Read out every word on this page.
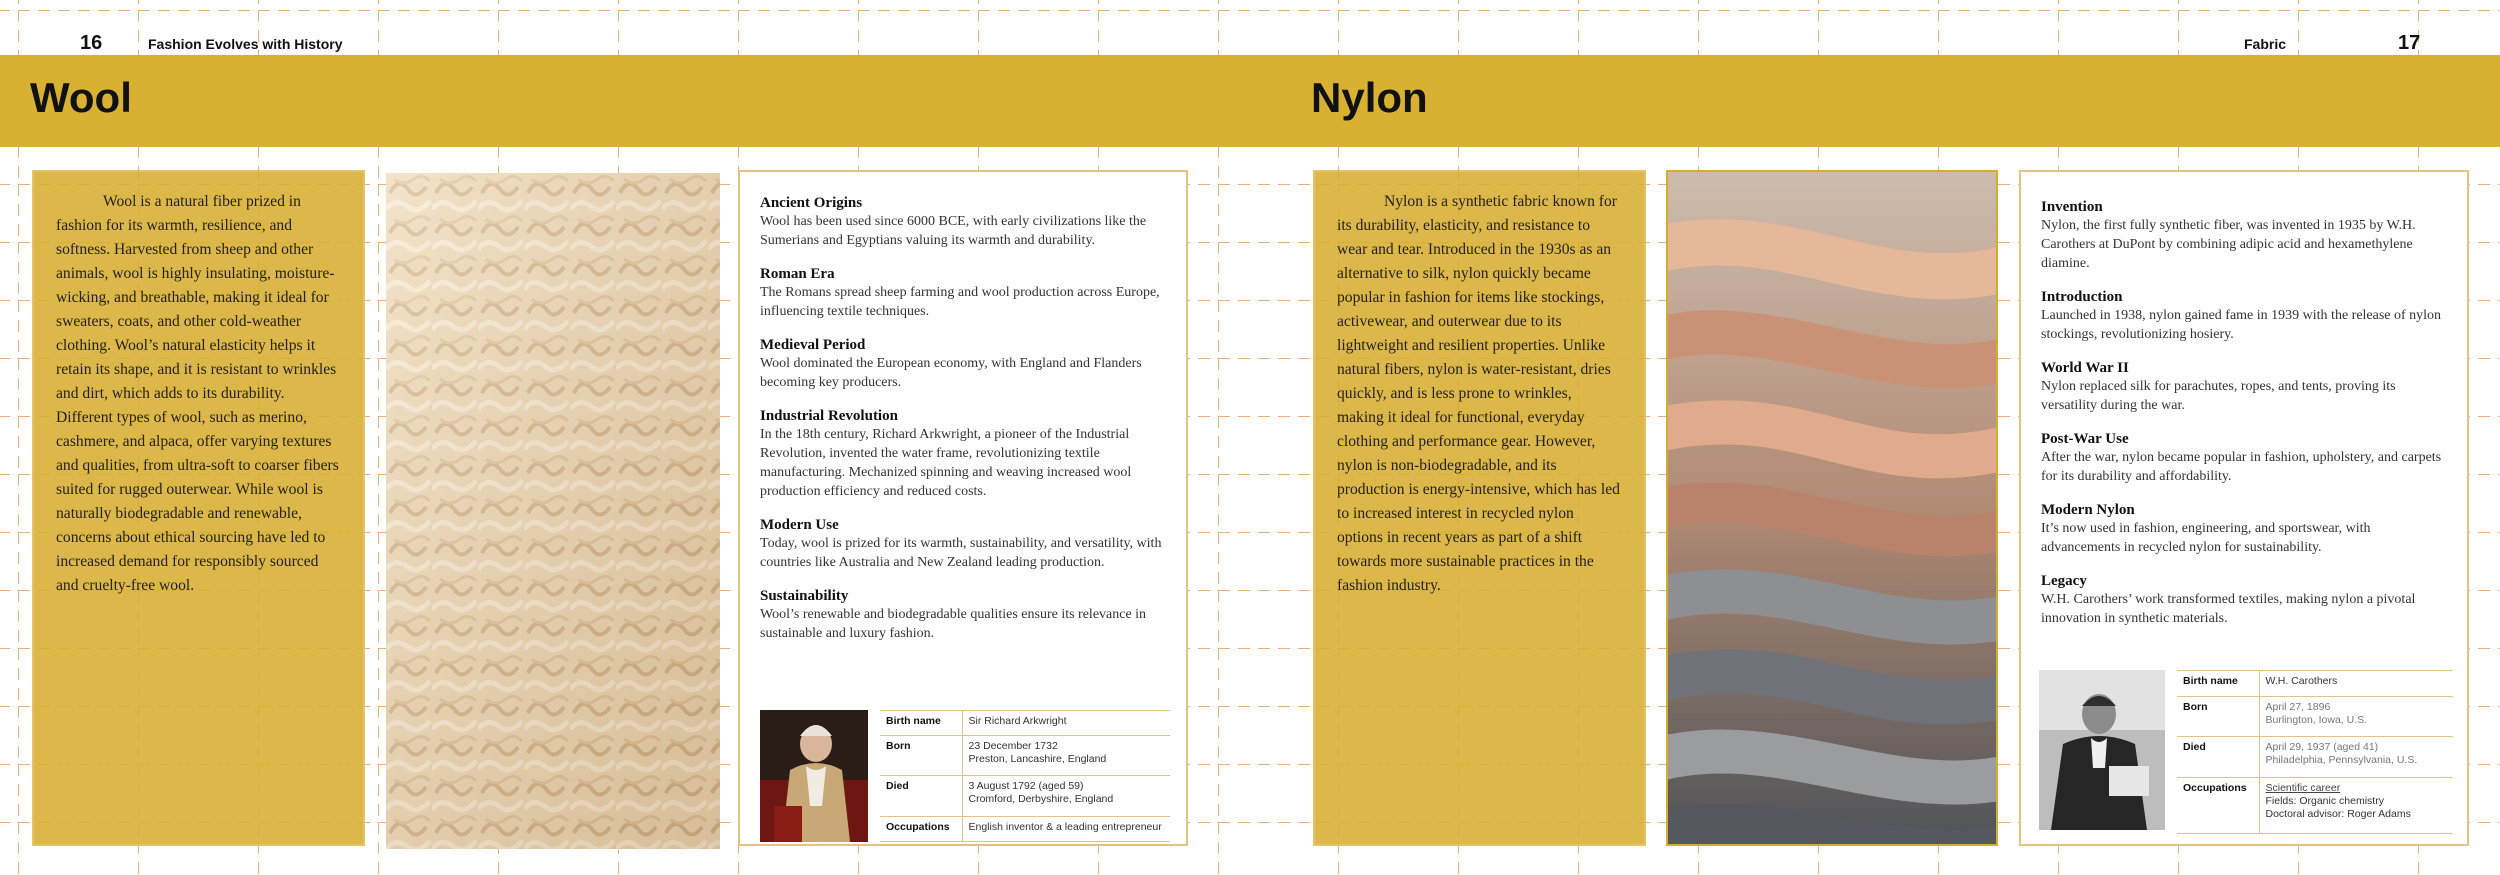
16	Fashion Evolves with History	Fabric	17
Wool	Nylon

Wool is a natural fiber prized in fashion for its warmth, resilience, and softness. Harvested from sheep and other animals, wool is highly insulating, moisture-wicking, and breathable, making it ideal for sweaters, coats, and other cold-weather clothing. Wool’s natural elasticity helps it retain its shape, and it is resistant to wrinkles and dirt, which adds to its durability. Different types of wool, such as merino, cashmere, and alpaca, offer varying textures and qualities, from ultra-soft to coarser fibers suited for rugged outerwear. While wool is naturally biodegradable and renewable, concerns about ethical sourcing have led to increased demand for responsibly sourced and cruelty-free wool.

Ancient Origins

Wool has been used since 6000 BCE, with early civilizations like the Sumerians and Egyptians valuing its warmth and durability.

Roman Era

The Romans spread sheep farming and wool production across Europe, influencing textile techniques.

Medieval Period

Wool dominated the European economy, with England and Flanders becoming key producers.

Industrial Revolution

In the 18th century, Richard Arkwright, a pioneer of the Industrial Revolution, invented the water frame, revolutionizing textile manufacturing. Mechanized spinning and weaving increased wool production efficiency and reduced costs.

Modern Use

Today, wool is prized for its warmth, sustainability, and versatility, with countries like Australia and New Zealand leading production.

Sustainability

Wool’s renewable and biodegradable qualities ensure its relevance in sustainable and luxury fashion.

Birth name	Sir Richard Arkwright
Born	23 December 1732
Preston, Lancashire, England
Died	3 August 1792 (aged 59)
Cromford, Derbyshire, England
Occupations	English inventor & a leading entrepreneur

Nylon is a synthetic fabric known for its durability, elasticity, and resistance to wear and tear. Introduced in the 1930s as an alternative to silk, nylon quickly became popular in fashion for items like stockings, activewear, and outerwear due to its lightweight and resilient properties. Unlike natural fibers, nylon is water-resistant, dries quickly, and is less prone to wrinkles, making it ideal for functional, everyday clothing and performance gear. However, nylon is non-biodegradable, and its production is energy-intensive, which has led to increased interest in recycled nylon options in recent years as part of a shift towards more sustainable practices in the fashion industry.

Invention

Nylon, the first fully synthetic fiber, was invented in 1935 by W.H. Carothers at DuPont by combining adipic acid and hexamethylene diamine.

Introduction

Launched in 1938, nylon gained fame in 1939 with the release of nylon stockings, revolutionizing hosiery.

World War II

Nylon replaced silk for parachutes, ropes, and tents, proving its versatility during the war.

Post-War Use

After the war, nylon became popular in fashion, upholstery, and carpets for its durability and affordability.

Modern Nylon

It’s now used in fashion, engineering, and sportswear, with advancements in recycled nylon for sustainability.

Legacy

W.H. Carothers’ work transformed textiles, making nylon a pivotal innovation in synthetic materials.

Birth name	W.H. Carothers
Born	April 27, 1896
Burlington, Iowa, U.S.
Died	April 29, 1937 (aged 41)
Philadelphia, Pennsylvania, U.S.
Occupations	Scientific career
Fields: Organic chemistry
Doctoral advisor: Roger Adams
